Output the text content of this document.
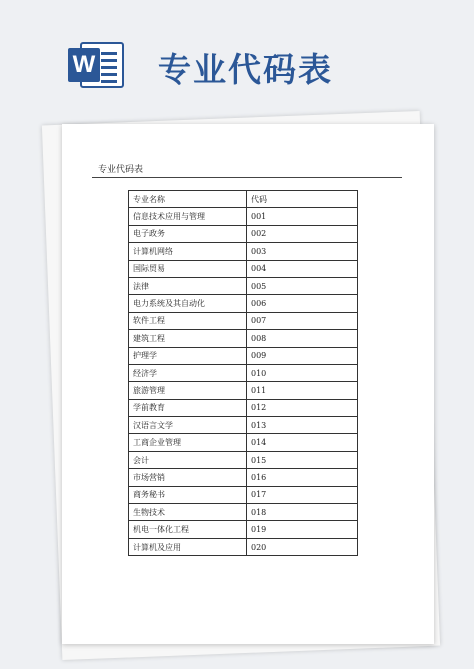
W 专业代码表
专业代码表
专业名称	代码
信息技术应用与管理	001
电子政务	002
计算机网络	003
国际贸易	004
法律	005
电力系统及其自动化	006
软件工程	007
建筑工程	008
护理学	009
经济学	010
旅游管理	011
学前教育	012
汉语言文学	013
工商企业管理	014
会计	015
市场营销	016
商务秘书	017
生物技术	018
机电一体化工程	019
计算机及应用	020
